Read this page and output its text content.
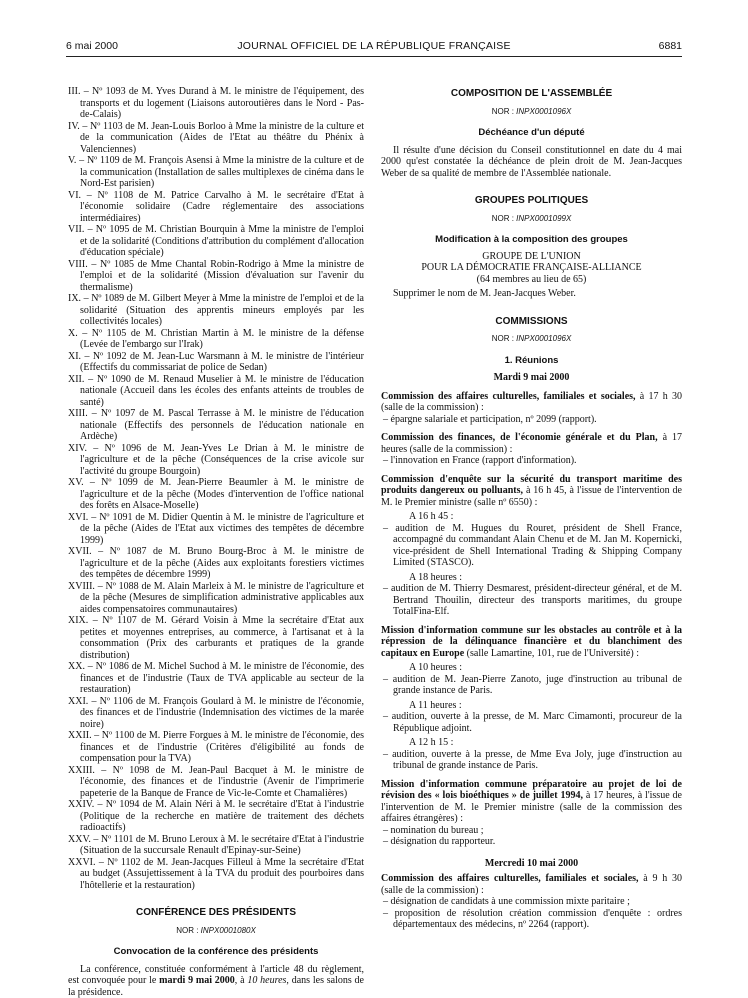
6 mai 2000	JOURNAL OFFICIEL DE LA RÉPUBLIQUE FRANÇAISE	6881

III. – Nº 1093 de M. Yves Durand à M. le ministre de l'équipement, des transports et du logement (Liaisons autoroutières dans le Nord - Pas-de-Calais)

IV. – Nº 1103 de M. Jean-Louis Borloo à Mme la ministre de la culture et de la communication (Aides de l'Etat au théâtre du Phénix à Valenciennes)

V. – Nº 1109 de M. François Asensi à Mme la ministre de la culture et de la communication (Installation de salles multiplexes de cinéma dans le Nord-Est parisien)

VI. – Nº 1108 de M. Patrice Carvalho à M. le secrétaire d'Etat à l'économie solidaire (Cadre réglementaire des associations intermédiaires)

VII. – Nº 1095 de M. Christian Bourquin à Mme la ministre de l'emploi et de la solidarité (Conditions d'attribution du complément d'allocation d'éducation spéciale)

VIII. – Nº 1085 de Mme Chantal Robin-Rodrigo à Mme la ministre de l'emploi et de la solidarité (Mission d'évaluation sur l'avenir du thermalisme)

IX. – Nº 1089 de M. Gilbert Meyer à Mme la ministre de l'emploi et de la solidarité (Situation des apprentis mineurs employés par les collectivités locales)

X. – Nº 1105 de M. Christian Martin à M. le ministre de la défense (Levée de l'embargo sur l'Irak)

XI. – Nº 1092 de M. Jean-Luc Warsmann à M. le ministre de l'intérieur (Effectifs du commissariat de police de Sedan)

XII. – Nº 1090 de M. Renaud Muselier à M. le ministre de l'éducation nationale (Accueil dans les écoles des enfants atteints de troubles de santé)

XIII. – Nº 1097 de M. Pascal Terrasse à M. le ministre de l'éducation nationale (Effectifs des personnels de l'éducation nationale en Ardèche)

XIV. – Nº 1096 de M. Jean-Yves Le Drian à M. le ministre de l'agriculture et de la pêche (Conséquences de la crise avicole sur l'activité du groupe Bourgoin)

XV. – Nº 1099 de M. Jean-Pierre Beaumler à M. le ministre de l'agriculture et de la pêche (Modes d'intervention de l'office national des forêts en Alsace-Moselle)

XVI. – Nº 1091 de M. Didier Quentin à M. le ministre de l'agriculture et de la pêche (Aides de l'Etat aux victimes des tempêtes de décembre 1999)

XVII. – Nº 1087 de M. Bruno Bourg-Broc à M. le ministre de l'agriculture et de la pêche (Aides aux exploitants forestiers victimes des tempêtes de décembre 1999)

XVIII. – Nº 1088 de M. Alain Marleix à M. le ministre de l'agriculture et de la pêche (Mesures de simplification administrative applicables aux aides compensatoires communautaires)

XIX. – Nº 1107 de M. Gérard Voisin à Mme la secrétaire d'Etat aux petites et moyennes entreprises, au commerce, à l'artisanat et à la consommation (Prix des carburants et pratiques de la grande distribution)

XX. – Nº 1086 de M. Michel Suchod à M. le ministre de l'économie, des finances et de l'industrie (Taux de TVA applicable au secteur de la restauration)

XXI. – Nº 1106 de M. François Goulard à M. le ministre de l'économie, des finances et de l'industrie (Indemnisation des victimes de la marée noire)

XXII. – Nº 1100 de M. Pierre Forgues à M. le ministre de l'économie, des finances et de l'industrie (Critères d'éligibilité au fonds de compensation pour la TVA)

XXIII. – Nº 1098 de M. Jean-Paul Bacquet à M. le ministre de l'économie, des finances et de l'industrie (Avenir de l'imprimerie papeterie de la Banque de France de Vic-le-Comte et Chamalières)

XXIV. – Nº 1094 de M. Alain Néri à M. le secrétaire d'Etat à l'industrie (Politique de la recherche en matière de traitement des déchets radioactifs)

XXV. – Nº 1101 de M. Bruno Leroux à M. le secrétaire d'Etat à l'industrie (Situation de la succursale Renault d'Epinay-sur-Seine)

XXVI. – Nº 1102 de M. Jean-Jacques Filleul à Mme la secrétaire d'Etat au budget (Assujettissement à la TVA du produit des pourboires dans l'hôtellerie et la restauration)

CONFÉRENCE DES PRÉSIDENTS

NOR : INPX0001080X

Convocation de la conférence des présidents

La conférence, constituée conformément à l'article 48 du règlement, est convoquée pour le mardi 9 mai 2000, à 10 heures, dans les salons de la présidence.

COMPOSITION DE L'ASSEMBLÉE

NOR : INPX0001096X

Déchéance d'un député

Il résulte d'une décision du Conseil constitutionnel en date du 4 mai 2000 qu'est constatée la déchéance de plein droit de M. Jean-Jacques Weber de sa qualité de membre de l'Assemblée nationale.

GROUPES POLITIQUES

NOR : INPX0001099X

Modification à la composition des groupes

GROUPE DE L'UNION

POUR LA DÉMOCRATIE FRANÇAISE-ALLIANCE

(64 membres au lieu de 65)

Supprimer le nom de M. Jean-Jacques Weber.

COMMISSIONS

NOR : INPX0001096X

1. Réunions

Mardi 9 mai 2000

Commission des affaires culturelles, familiales et sociales, à 17 h 30 (salle de la commission) :

– épargne salariale et participation, nº 2099 (rapport).

Commission des finances, de l'économie générale et du Plan, à 17 heures (salle de la commission) :

– l'innovation en France (rapport d'information).

Commission d'enquête sur la sécurité du transport maritime des produits dangereux ou polluants, à 16 h 45, à l'issue de l'intervention de M. le Premier ministre (salle nº 6550) :

A 16 h 45 :

– audition de M. Hugues du Rouret, président de Shell France, accompagné du commandant Alain Chenu et de M. Jan M. Kopernicki, vice-président de Shell International Trading & Shipping Company Limited (STASCO).

A 18 heures :

– audition de M. Thierry Desmarest, président-directeur général, et de M. Bertrand Thouilin, directeur des transports maritimes, du groupe TotalFina-Elf.

Mission d'information commune sur les obstacles au contrôle et à la répression de la délinquance financière et du blanchiment des capitaux en Europe (salle Lamartine, 101, rue de l'Université) :

A 10 heures :

– audition de M. Jean-Pierre Zanoto, juge d'instruction au tribunal de grande instance de Paris.

A 11 heures :

– audition, ouverte à la presse, de M. Marc Cimamonti, procureur de la République adjoint.

A 12 h 15 :

– audition, ouverte à la presse, de Mme Eva Joly, juge d'instruction au tribunal de grande instance de Paris.

Mission d'information commune préparatoire au projet de loi de révision des « lois bioéthiques » de juillet 1994, à 17 heures, à l'issue de l'intervention de M. le Premier ministre (salle de la commission des affaires étrangères) :

– nomination du bureau ;

– désignation du rapporteur.

Mercredi 10 mai 2000

Commission des affaires culturelles, familiales et sociales, à 9 h 30 (salle de la commission) :

– désignation de candidats à une commission mixte paritaire ;

– proposition de résolution création commission d'enquête : ordres départementaux des médecins, nº 2264 (rapport).
